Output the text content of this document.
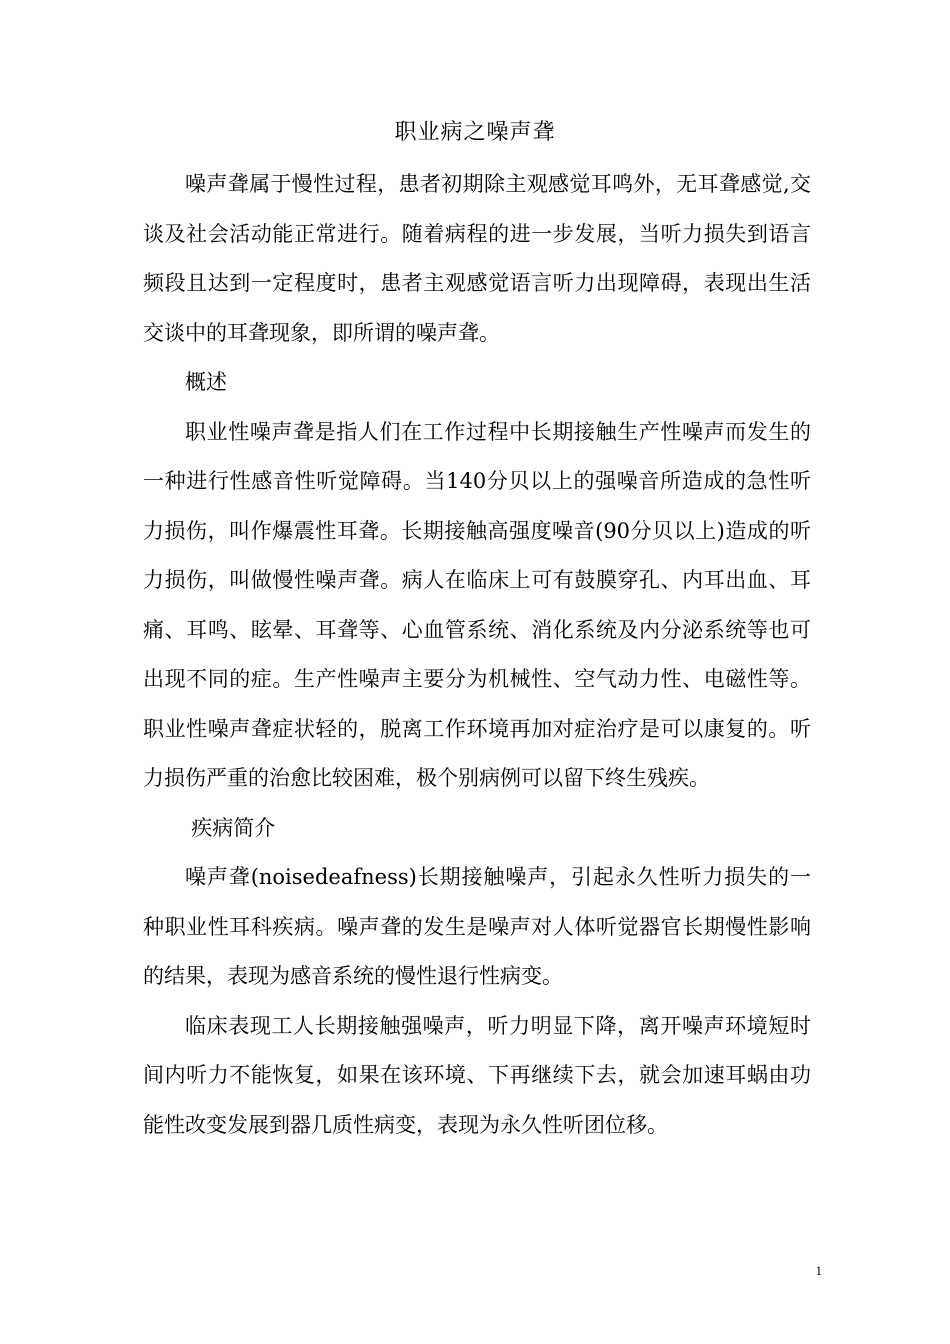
职业病之噪声聋

噪声聋属于慢性过程，患者初期除主观感觉耳鸣外，无耳聋感觉,交谈及社会活动能正常进行。随着病程的进一步发展，当听力损失到语言频段且达到一定程度时，患者主观感觉语言听力出现障碍，表现出生活交谈中的耳聋现象，即所谓的噪声聋。

概述

职业性噪声聋是指人们在工作过程中长期接触生产性噪声而发生的一种进行性感音性听觉障碍。当140分贝以上的强噪音所造成的急性听力损伤，叫作爆震性耳聋。长期接触高强度噪音(90分贝以上)造成的听力损伤，叫做慢性噪声聋。病人在临床上可有鼓膜穿孔、内耳出血、耳痛、耳鸣、眩晕、耳聋等、心血管系统、消化系统及内分泌系统等也可出现不同的症。生产性噪声主要分为机械性、空气动力性、电磁性等。职业性噪声聋症状轻的，脱离工作环境再加对症治疗是可以康复的。听力损伤严重的治愈比较困难，极个别病例可以留下终生残疾。

疾病简介

噪声聋(noisedeafness)长期接触噪声，引起永久性听力损失的一种职业性耳科疾病。噪声聋的发生是噪声对人体听觉器官长期慢性影响的结果，表现为感音系统的慢性退行性病变。

临床表现工人长期接触强噪声，听力明显下降，离开噪声环境短时间内听力不能恢复，如果在该环境、下再继续下去，就会加速耳蜗由功能性改变发展到器几质性病变，表现为永久性听团位移。

1
